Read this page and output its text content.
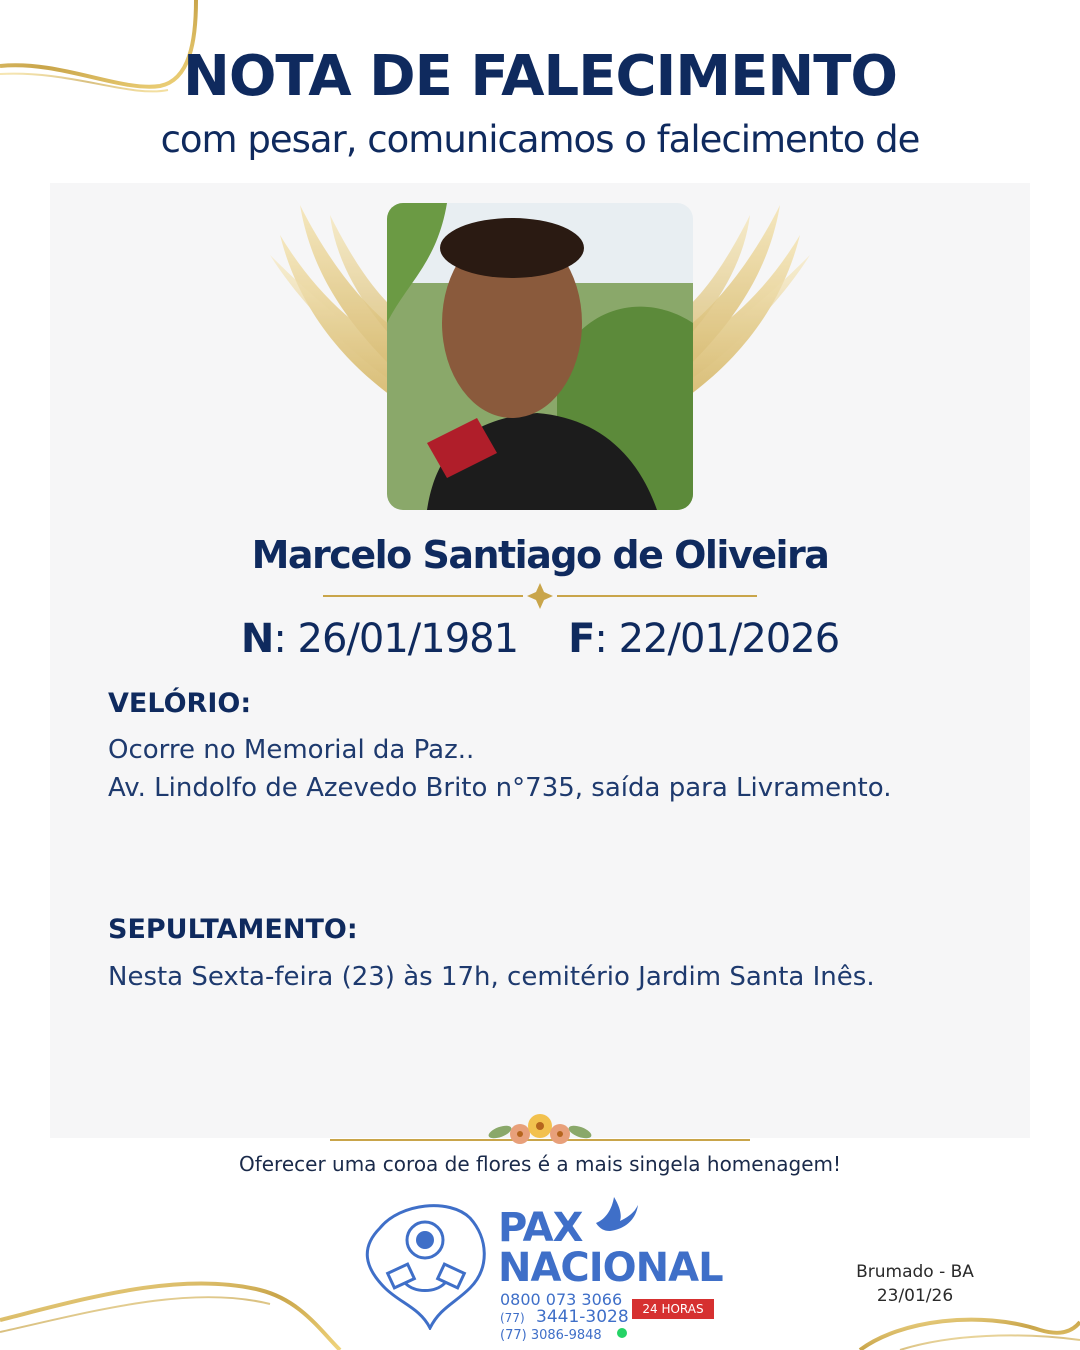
NOTA DE FALECIMENTO
com pesar, comunicamos o falecimento de
Marcelo Santiago de Oliveira
N: 26/01/1981 F: 22/01/2026
VELÓRIO:
Ocorre no Memorial da Paz..
Av. Lindolfo de Azevedo Brito n°735, saída para Livramento.
SEPULTAMENTO:
Nesta Sexta-feira (23) às 17h, cemitério Jardim Santa Inês.
Oferecer uma coroa de flores é a mais singela homenagem!
PAX
NACIONAL
0800 073 3066
(77) 3441-3028
(77) 3086-9848
24 HORAS
Brumado - BA
23/01/26
